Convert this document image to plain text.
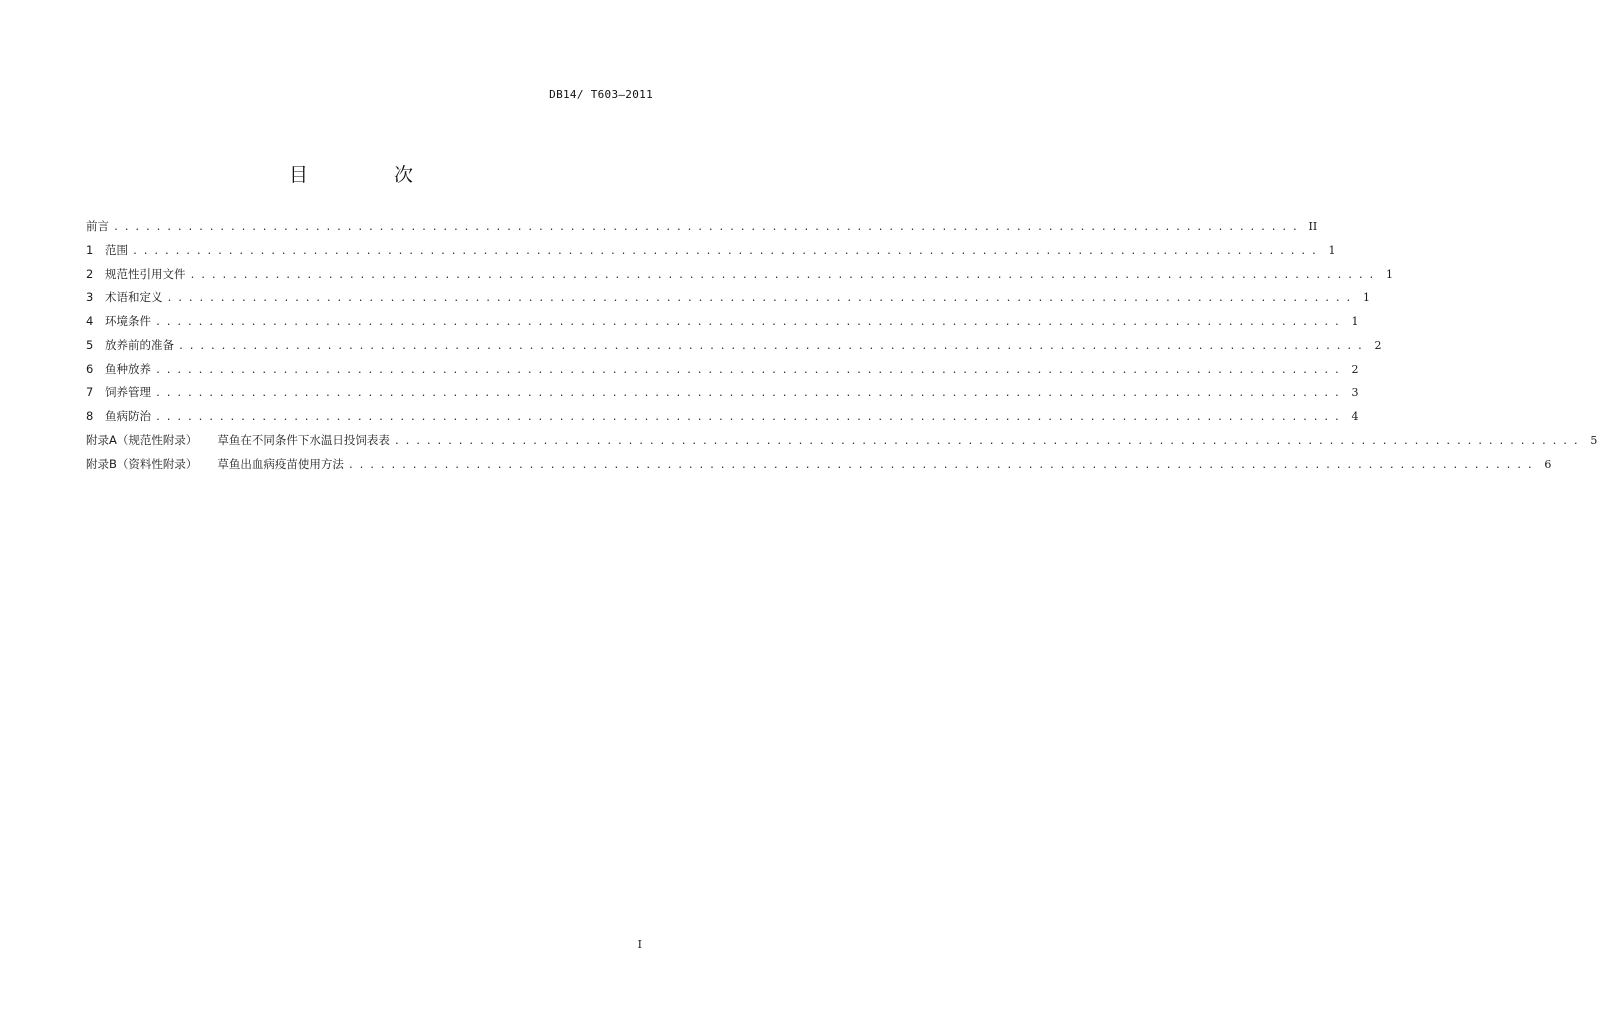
DB14/ T603—2011
目 次
前言 ................................................................................................................ II
1	范围 ................................................................................................................ 1
2	规范性引用文件 ................................................................................................................ 1
3	术语和定义 ................................................................................................................ 1
4	环境条件 ................................................................................................................ 1
5	放养前的准备 ................................................................................................................ 2
6	鱼种放养 ................................................................................................................ 2
7	饲养管理 ................................................................................................................ 3
8	鱼病防治 ................................................................................................................ 4
附录A（规范性附录） 草鱼在不同条件下水温日投饲表表 ................................................................................................................ 5
附录B（资料性附录） 草鱼出血病疫苗使用方法 ................................................................................................................ 6
I
